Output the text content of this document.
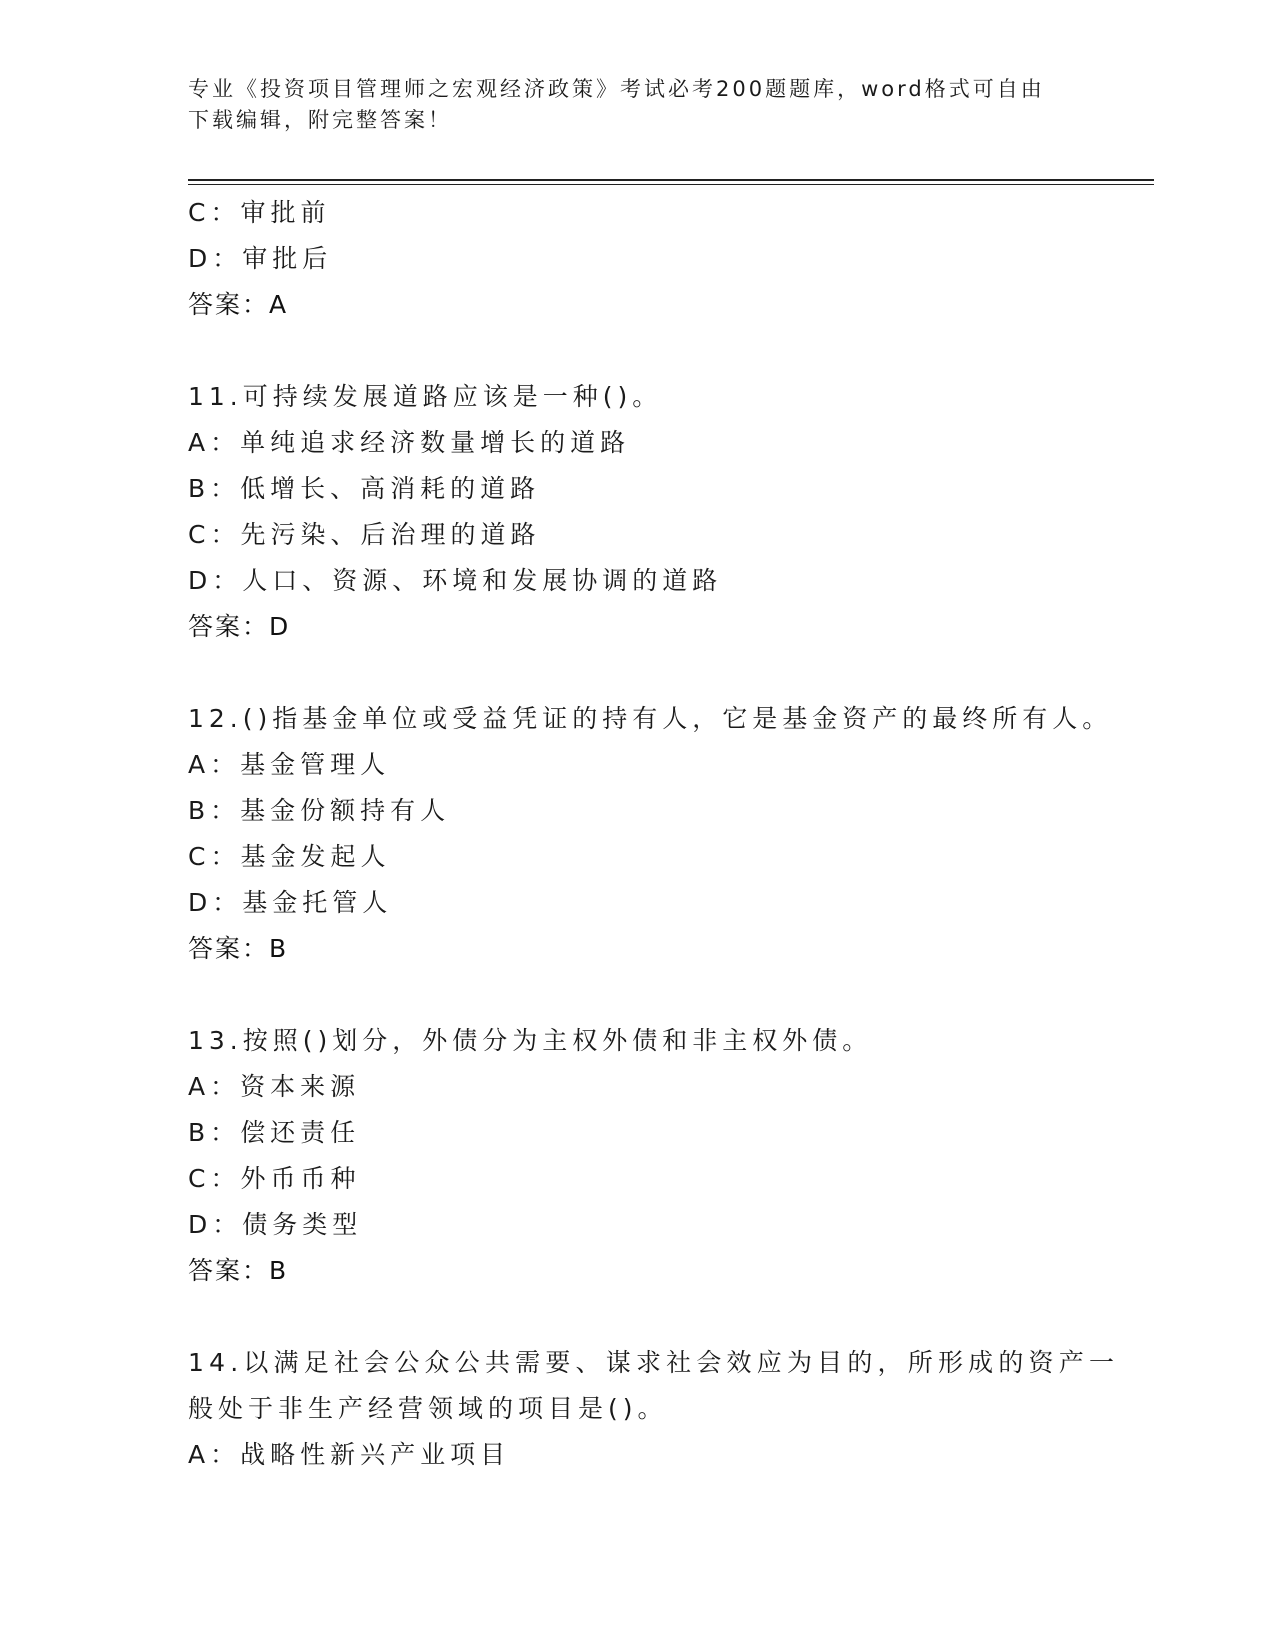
专业《投资项目管理师之宏观经济政策》考试必考200题题库，word格式可自由
下载编辑，附完整答案！
C：审批前
D：审批后
答案：A
11.可持续发展道路应该是一种()。
A：单纯追求经济数量增长的道路
B：低增长、高消耗的道路
C：先污染、后治理的道路
D：人口、资源、环境和发展协调的道路
答案：D
12.()指基金单位或受益凭证的持有人，它是基金资产的最终所有人。
A：基金管理人
B：基金份额持有人
C：基金发起人
D：基金托管人
答案：B
13.按照()划分，外债分为主权外债和非主权外债。
A：资本来源
B：偿还责任
C：外币币种
D：债务类型
答案：B
14.以满足社会公众公共需要、谋求社会效应为目的，所形成的资产一
般处于非生产经营领域的项目是()。
A：战略性新兴产业项目
